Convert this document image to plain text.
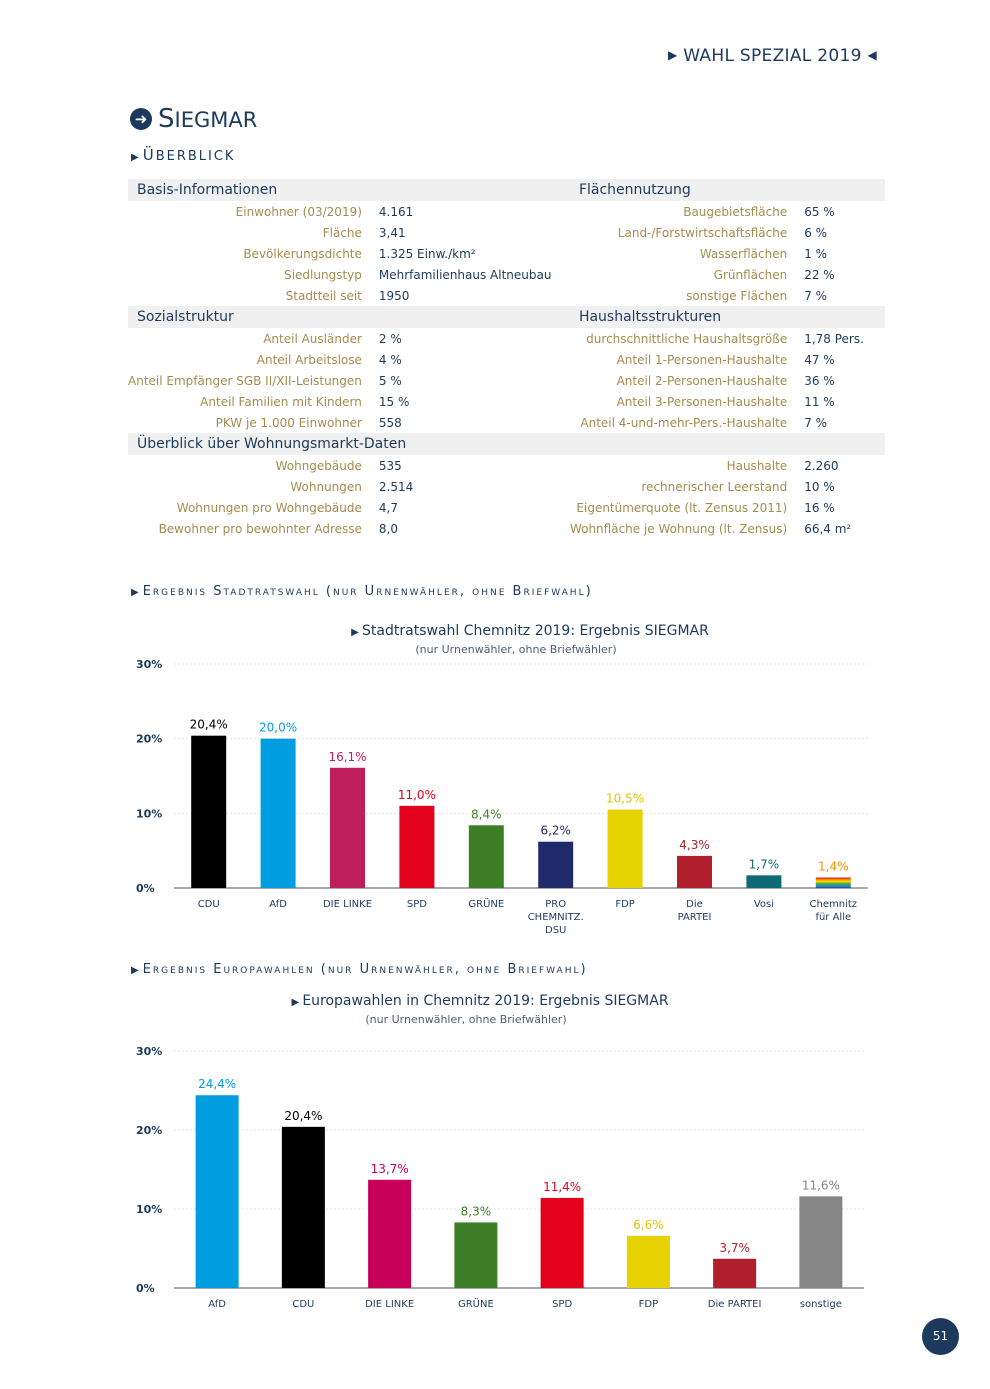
▶ WAHL SPEZIAL 2019 ◀
➜ SIEGMAR
▶ ÜBERBLICK
Basis-Informationen		Flächennutzung	
Einwohner (03/2019)	4.161	Baugebietsfläche	65 %
Fläche	3,41	Land-/Forstwirtschaftsfläche	6 %
Bevölkerungsdichte	1.325 Einw./km²	Wasserflächen	1 %
Siedlungstyp	Mehrfamilienhaus Altneubau	Grünflächen	22 %
Stadtteil seit	1950	sonstige Flächen	7 %
Sozialstruktur		Haushaltsstrukturen	
Anteil Ausländer	2 %	durchschnittliche Haushaltsgröße	1,78 Pers.
Anteil Arbeitslose	4 %	Anteil 1-Personen-Haushalte	47 %
Anteil Empfänger SGB II/XII-Leistungen	5 %	Anteil 2-Personen-Haushalte	36 %
Anteil Familien mit Kindern	15 %	Anteil 3-Personen-Haushalte	11 %
PKW je 1.000 Einwohner	558	Anteil 4-und-mehr-Pers.-Haushalte	7 %
Überblick über Wohnungsmarkt-Daten			
Wohngebäude	535	Haushalte	2.260
Wohnungen	2.514	rechnerischer Leerstand	10 %
Wohnungen pro Wohngebäude	4,7	Eigentümerquote (lt. Zensus 2011)	16 %
Bewohner pro bewohnter Adresse	8,0	Wohnfläche je Wohnung (lt. Zensus)	66,4 m²
▶ Ergebnis Stadtratswahl (nur Urnenwähler, ohne Briefwahl)
▶ Stadtratswahl Chemnitz 2019: Ergebnis SIEGMAR
(nur Urnenwähler, ohne Briefwähler)
0%
10%
20%
30%
20,4%
CDU
20,0%
AfD
16,1%
DIE LINKE
11,0%
SPD
8,4%
GRÜNE
6,2%
PRO CHEMNITZ. DSU
10,5%
FDP
4,3%
Die PARTEI
1,7%
Vosi
1,4%
Chemnitz für Alle
▶ Ergebnis Europawahlen (nur Urnenwähler, ohne Briefwahl)
▶ Europawahlen in Chemnitz 2019: Ergebnis SIEGMAR
(nur Urnenwähler, ohne Briefwähler)
0%
10%
20%
30%
24,4%
AfD
20,4%
CDU
13,7%
DIE LINKE
8,3%
GRÜNE
11,4%
SPD
6,6%
FDP
3,7%
Die PARTEI
11,6%
sonstige
51
